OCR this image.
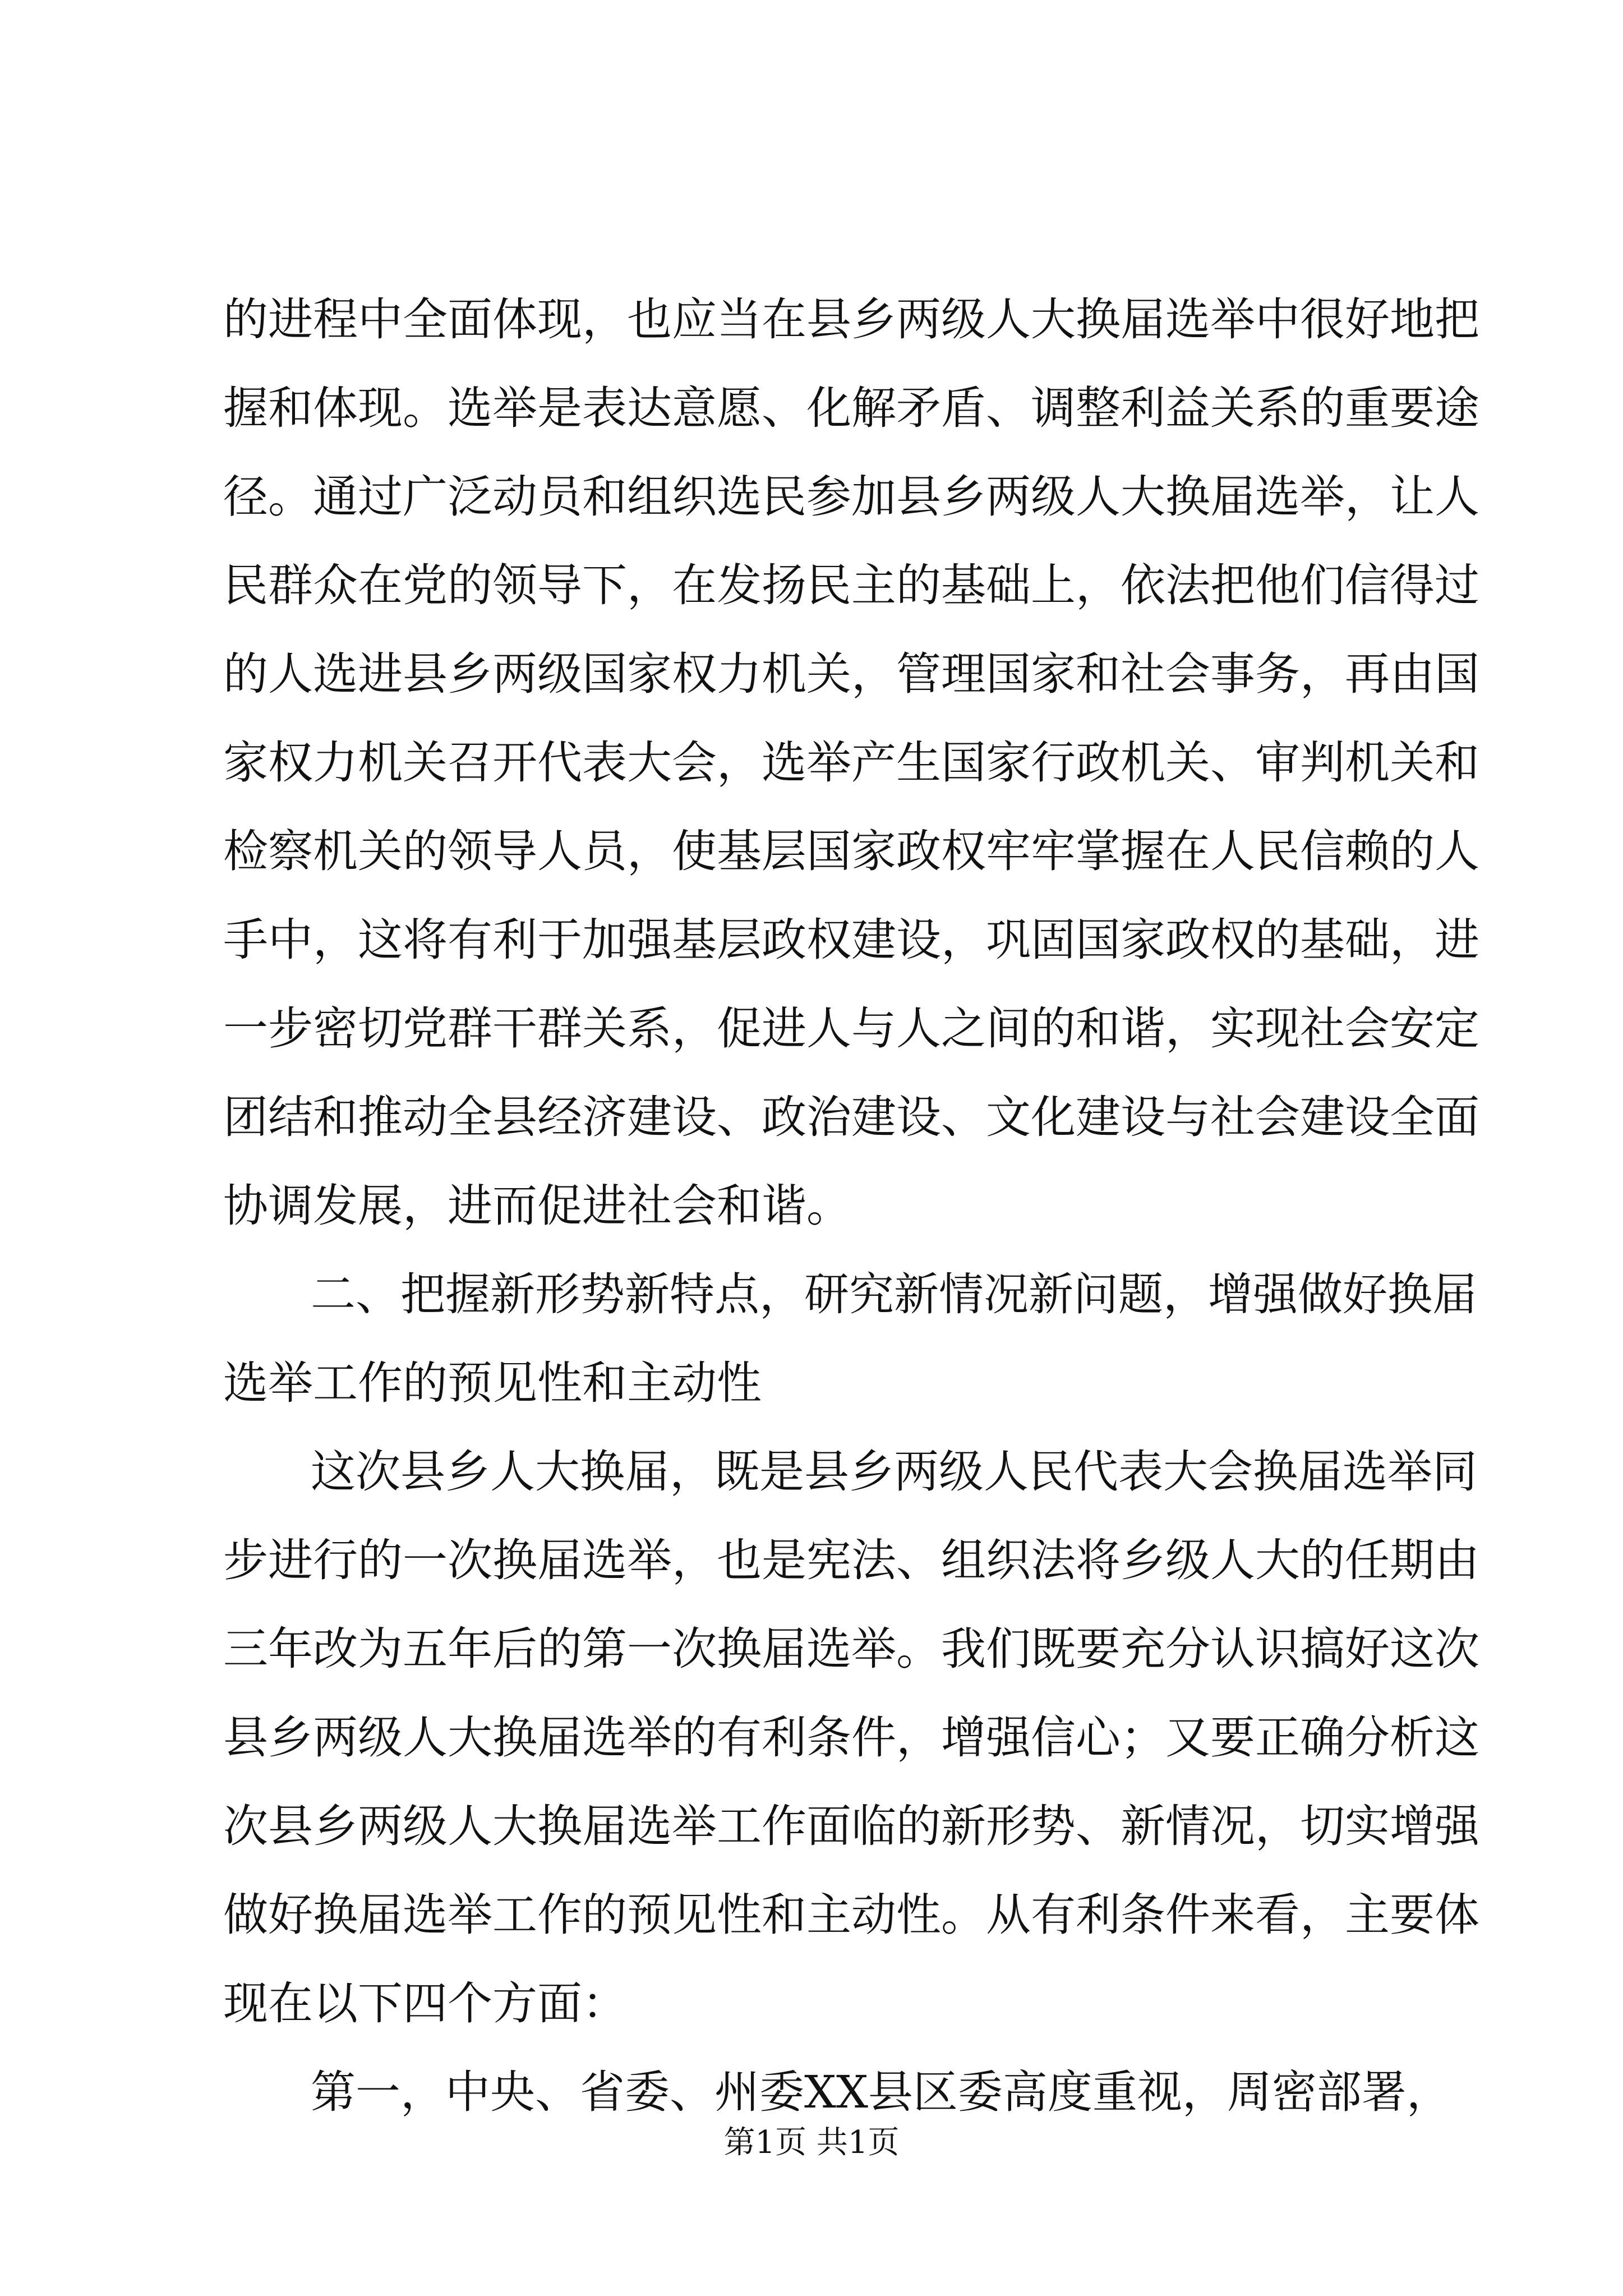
的进程中全面体现，也应当在县乡两级人大换届选举中很好地把
握和体现。选举是表达意愿、化解矛盾、调整利益关系的重要途
径。通过广泛动员和组织选民参加县乡两级人大换届选举，让人
民群众在党的领导下，在发扬民主的基础上，依法把他们信得过
的人选进县乡两级国家权力机关，管理国家和社会事务，再由国
家权力机关召开代表大会，选举产生国家行政机关、审判机关和
检察机关的领导人员，使基层国家政权牢牢掌握在人民信赖的人
手中，这将有利于加强基层政权建设，巩固国家政权的基础，进
一步密切党群干群关系，促进人与人之间的和谐，实现社会安定
团结和推动全县经济建设、政治建设、文化建设与社会建设全面
协调发展，进而促进社会和谐。
二、把握新形势新特点，研究新情况新问题，增强做好换届
选举工作的预见性和主动性
这次县乡人大换届，既是县乡两级人民代表大会换届选举同
步进行的一次换届选举，也是宪法、组织法将乡级人大的任期由
三年改为五年后的第一次换届选举。我们既要充分认识搞好这次
县乡两级人大换届选举的有利条件，增强信心；又要正确分析这
次县乡两级人大换届选举工作面临的新形势、新情况，切实增强
做好换届选举工作的预见性和主动性。从有利条件来看，主要体
现在以下四个方面：
第一，中央、省委、州委XX县区委高度重视，周密部署，
第1页 共1页
